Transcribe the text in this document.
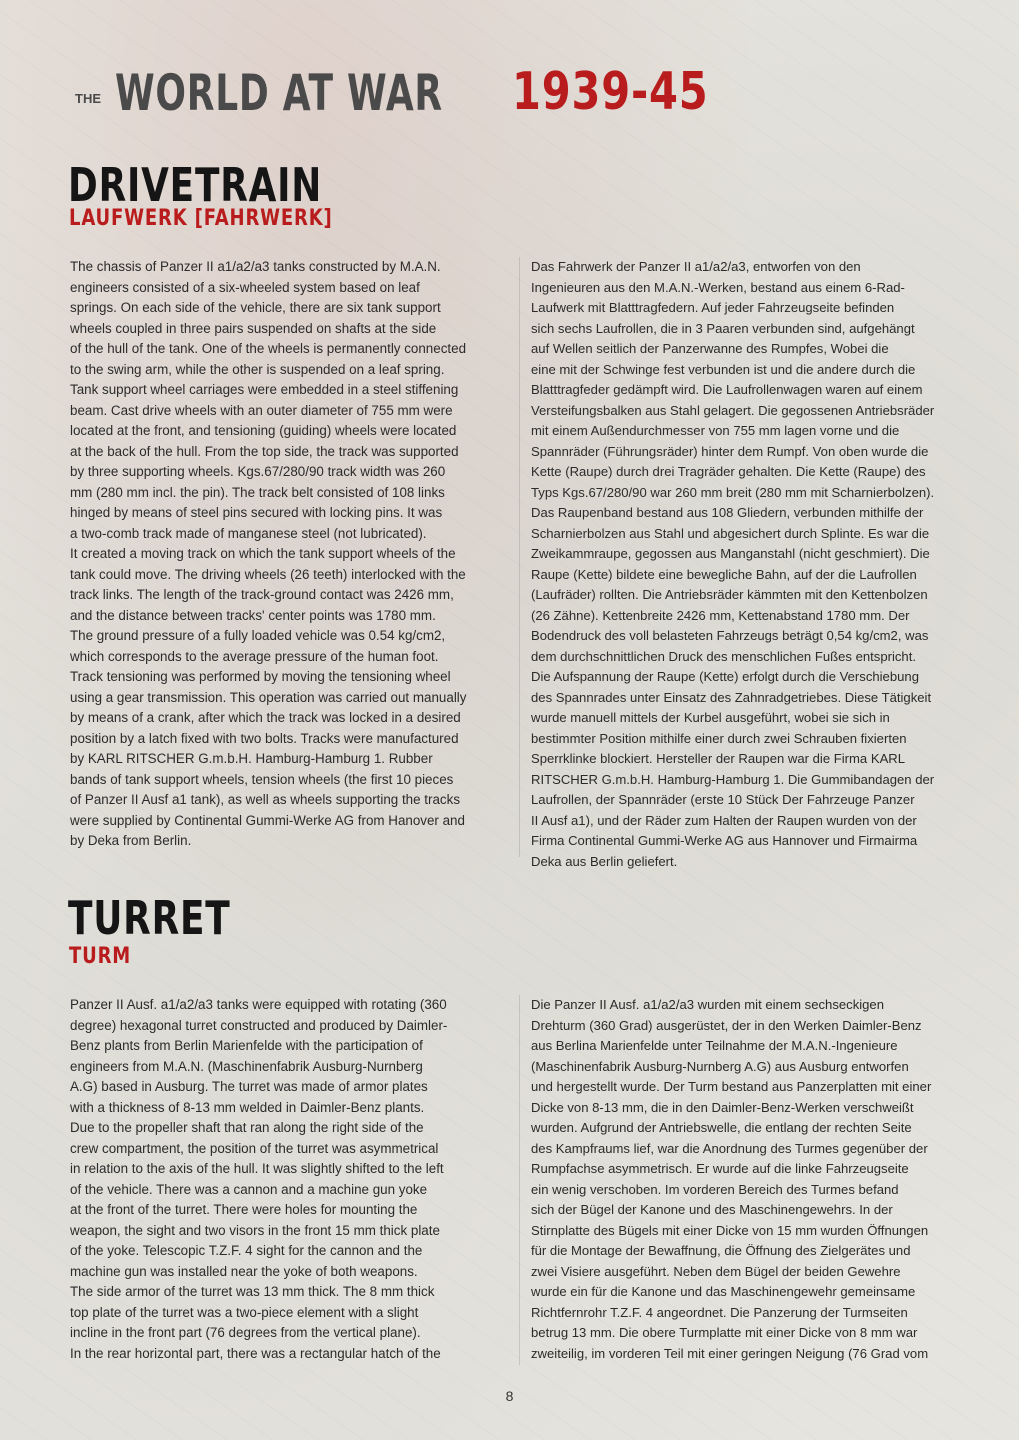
THE WORLD AT WAR 1939-45
DRIVETRAIN
LAUFWERK [FAHRWERK]
The chassis of Panzer II a1/a2/a3 tanks constructed by M.A.N.
engineers consisted of a six-wheeled system based on leaf
springs. On each side of the vehicle, there are six tank support
wheels coupled in three pairs suspended on shafts at the side
of the hull of the tank. One of the wheels is permanently connected
to the swing arm, while the other is suspended on a leaf spring.
Tank support wheel carriages were embedded in a steel stiffening
beam. Cast drive wheels with an outer diameter of 755 mm were
located at the front, and tensioning (guiding) wheels were located
at the back of the hull. From the top side, the track was supported
by three supporting wheels. Kgs.67/280/90 track width was 260
mm (280 mm incl. the pin). The track belt consisted of 108 links
hinged by means of steel pins secured with locking pins. It was
a two-comb track made of manganese steel (not lubricated).
It created a moving track on which the tank support wheels of the
tank could move. The driving wheels (26 teeth) interlocked with the
track links. The length of the track-ground contact was 2426 mm,
and the distance between tracks' center points was 1780 mm.
The ground pressure of a fully loaded vehicle was 0.54 kg/cm2,
which corresponds to the average pressure of the human foot.
Track tensioning was performed by moving the tensioning wheel
using a gear transmission. This operation was carried out manually
by means of a crank, after which the track was locked in a desired
position by a latch fixed with two bolts. Tracks were manufactured
by KARL RITSCHER G.m.b.H. Hamburg-Hamburg 1. Rubber
bands of tank support wheels, tension wheels (the first 10 pieces
of Panzer II Ausf a1 tank), as well as wheels supporting the tracks
were supplied by Continental Gummi-Werke AG from Hanover and
by Deka from Berlin.
Das Fahrwerk der Panzer II a1/a2/a3, entworfen von den
Ingenieuren aus den M.A.N.-Werken, bestand aus einem 6-Rad-
Laufwerk mit Blatttragfedern. Auf jeder Fahrzeugseite befinden
sich sechs Laufrollen, die in 3 Paaren verbunden sind, aufgehängt
auf Wellen seitlich der Panzerwanne des Rumpfes, Wobei die
eine mit der Schwinge fest verbunden ist und die andere durch die
Blatttragfeder gedämpft wird. Die Laufrollenwagen waren auf einem
Versteifungsbalken aus Stahl gelagert. Die gegossenen Antriebsräder
mit einem Außendurchmesser von 755 mm lagen vorne und die
Spannräder (Führungsräder) hinter dem Rumpf. Von oben wurde die
Kette (Raupe) durch drei Tragräder gehalten. Die Kette (Raupe) des
Typs Kgs.67/280/90 war 260 mm breit (280 mm mit Scharnierbolzen).
Das Raupenband bestand aus 108 Gliedern, verbunden mithilfe der
Scharnierbolzen aus Stahl und abgesichert durch Splinte. Es war die
Zweikammraupe, gegossen aus Manganstahl (nicht geschmiert). Die
Raupe (Kette) bildete eine bewegliche Bahn, auf der die Laufrollen
(Laufräder) rollten. Die Antriebsräder kämmten mit den Kettenbolzen
(26 Zähne). Kettenbreite 2426 mm, Kettenabstand 1780 mm. Der
Bodendruck des voll belasteten Fahrzeugs beträgt 0,54 kg/cm2, was
dem durchschnittlichen Druck des menschlichen Fußes entspricht.
Die Aufspannung der Raupe (Kette) erfolgt durch die Verschiebung
des Spannrades unter Einsatz des Zahnradgetriebes. Diese Tätigkeit
wurde manuell mittels der Kurbel ausgeführt, wobei sie sich in
bestimmter Position mithilfe einer durch zwei Schrauben fixierten
Sperrklinke blockiert. Hersteller der Raupen war die Firma KARL
RITSCHER G.m.b.H. Hamburg-Hamburg 1. Die Gummibandagen der
Laufrollen, der Spannräder (erste 10 Stück Der Fahrzeuge Panzer
II Ausf a1), und der Räder zum Halten der Raupen wurden von der
Firma Continental Gummi-Werke AG aus Hannover und Firmairma
Deka aus Berlin geliefert.
TURRET
TURM
Panzer II Ausf. a1/a2/a3 tanks were equipped with rotating (360
degree) hexagonal turret constructed and produced by Daimler-
Benz plants from Berlin Marienfelde with the participation of
engineers from M.A.N. (Maschinenfabrik Ausburg-Nurnberg
A.G) based in Ausburg. The turret was made of armor plates
with a thickness of 8-13 mm welded in Daimler-Benz plants.
Due to the propeller shaft that ran along the right side of the
crew compartment, the position of the turret was asymmetrical
in relation to the axis of the hull. It was slightly shifted to the left
of the vehicle. There was a cannon and a machine gun yoke
at the front of the turret. There were holes for mounting the
weapon, the sight and two visors in the front 15 mm thick plate
of the yoke. Telescopic T.Z.F. 4 sight for the cannon and the
machine gun was installed near the yoke of both weapons.
The side armor of the turret was 13 mm thick. The 8 mm thick
top plate of the turret was a two-piece element with a slight
incline in the front part (76 degrees from the vertical plane).
In the rear horizontal part, there was a rectangular hatch of the
Die Panzer II Ausf. a1/a2/a3 wurden mit einem sechseckigen
Drehturm (360 Grad) ausgerüstet, der in den Werken Daimler-Benz
aus Berlina Marienfelde unter Teilnahme der M.A.N.-Ingenieure
(Maschinenfabrik Ausburg-Nurnberg A.G) aus Ausburg entworfen
und hergestellt wurde. Der Turm bestand aus Panzerplatten mit einer
Dicke von 8-13 mm, die in den Daimler-Benz-Werken verschweißt
wurden. Aufgrund der Antriebswelle, die entlang der rechten Seite
des Kampfraums lief, war die Anordnung des Turmes gegenüber der
Rumpfachse asymmetrisch. Er wurde auf die linke Fahrzeugseite
ein wenig verschoben. Im vorderen Bereich des Turmes befand
sich der Bügel der Kanone und des Maschinengewehrs. In der
Stirnplatte des Bügels mit einer Dicke von 15 mm wurden Öffnungen
für die Montage der Bewaffnung, die Öffnung des Zielgerätes und
zwei Visiere ausgeführt. Neben dem Bügel der beiden Gewehre
wurde ein für die Kanone und das Maschinengewehr gemeinsame
Richtfernrohr T.Z.F. 4 angeordnet. Die Panzerung der Turmseiten
betrug 13 mm. Die obere Turmplatte mit einer Dicke von 8 mm war
zweiteilig, im vorderen Teil mit einer geringen Neigung (76 Grad vom
8
